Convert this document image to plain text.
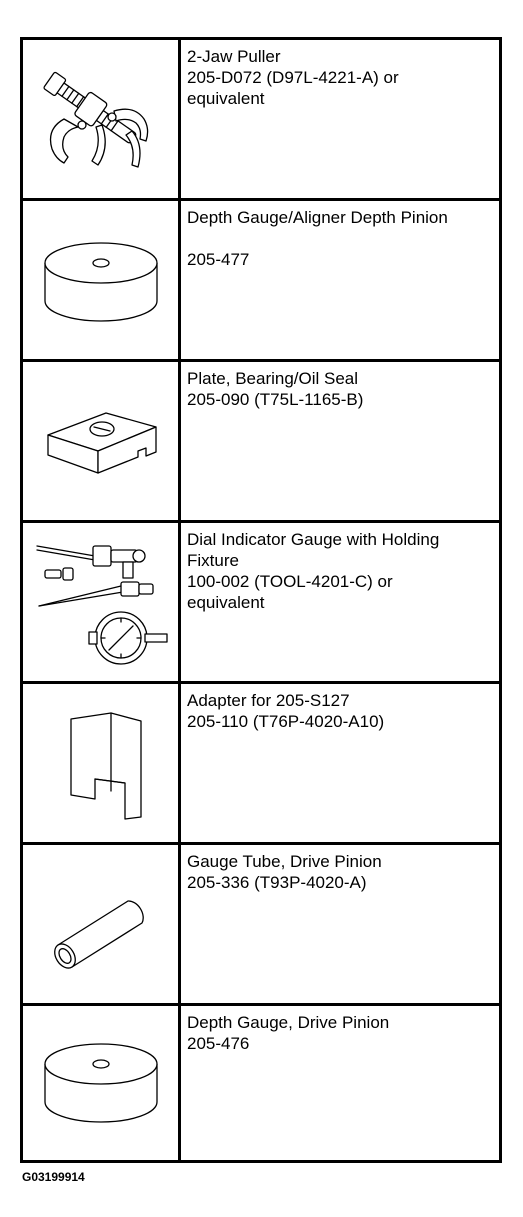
2-Jaw Puller
205-D072 (D97L-4221-A) or
equivalent
Depth Gauge/Aligner Depth Pinion

205-477
Plate, Bearing/Oil Seal
205-090 (T75L-1165-B)
Dial Indicator Gauge with Holding
Fixture
100-002 (TOOL-4201-C) or
equivalent
Adapter for 205-S127
205-110 (T76P-4020-A10)
Gauge Tube, Drive Pinion
205-336 (T93P-4020-A)
Depth Gauge, Drive Pinion
205-476
G03199914
